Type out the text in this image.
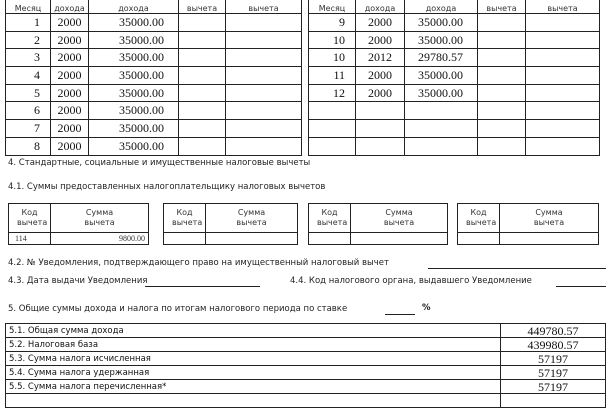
Месяц	дохода	дохода	вычета	вычета
1	2000	35000.00		
2	2000	35000.00		
3	2000	35000.00		
4	2000	35000.00		
5	2000	35000.00		
6	2000	35000.00		
7	2000	35000.00		
8	2000	35000.00		
Месяц	дохода	дохода	вычета	вычета
9	2000	35000.00		
10	2000	35000.00		
10	2012	29780.57		
11	2000	35000.00		
12	2000	35000.00		

4. Стандартные, социальные и имущественные налоговые вычеты
4.1. Суммы предоставленных налогоплательщику налоговых вычетов
Код вычета	Сумма вычета
114	9800.00
Код вычета	Сумма вычета

Код вычета	Сумма вычета

Код вычета	Сумма вычета

4.2. № Уведомления, подтверждающего право на имущественный налоговый вычет
4.3. Дата выдачи Уведомления	4.4. Код налогового органа, выдавшего Уведомление
5. Общие суммы дохода и налога по итогам налогового периода по ставке	%
5.1. Общая сумма дохода	449780.57
5.2. Налоговая база	439980.57
5.3. Сумма налога исчисленная	57197
5.4. Сумма налога удержанная	57197
5.5. Сумма налога перечисленная*	57197
